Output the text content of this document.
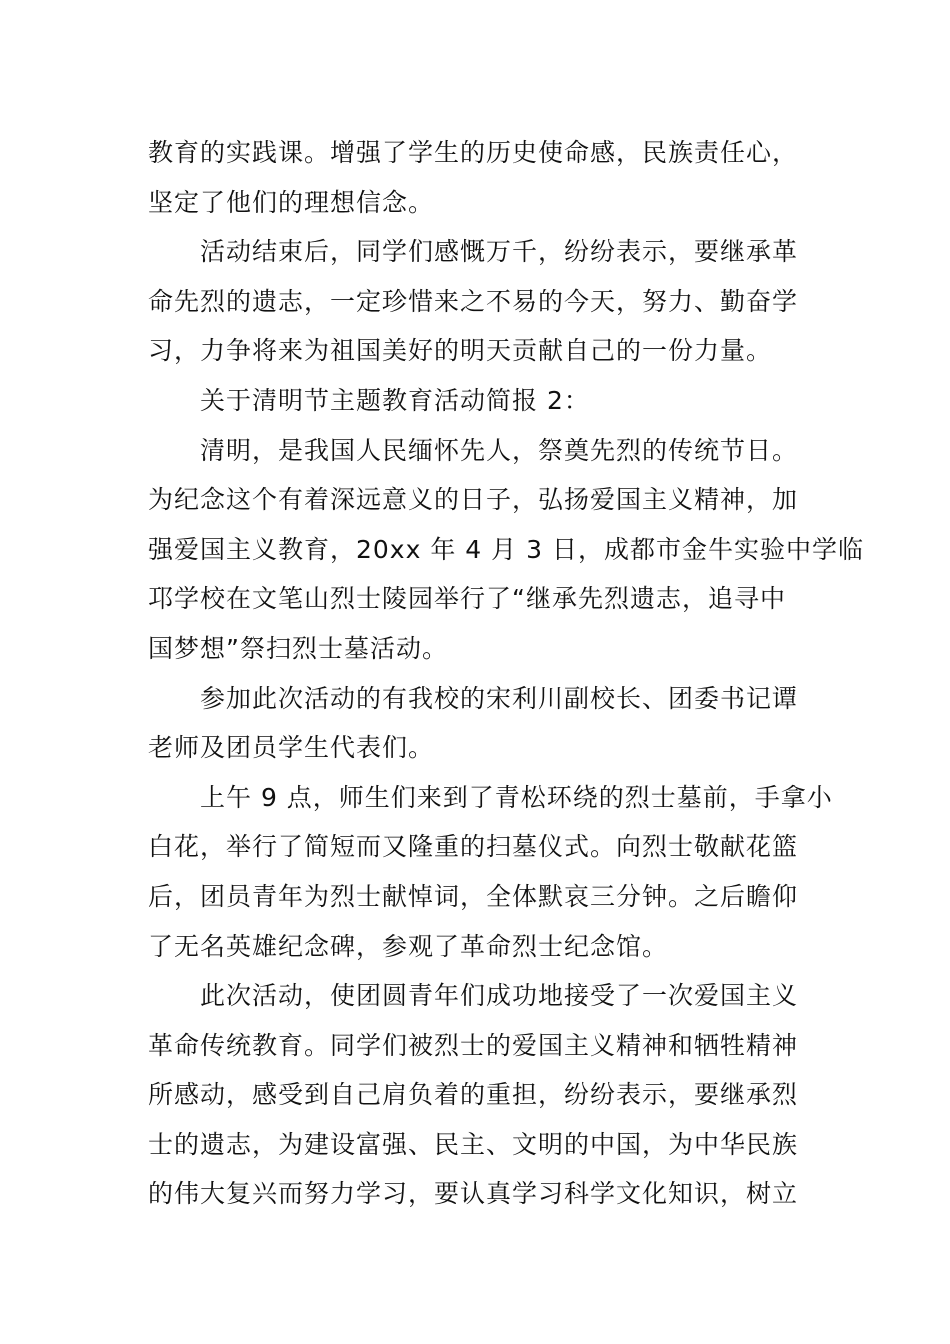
教育的实践课。增强了学生的历史使命感，民族责任心，
坚定了他们的理想信念。
活动结束后，同学们感慨万千，纷纷表示，要继承革
命先烈的遗志，一定珍惜来之不易的今天，努力、勤奋学
习，力争将来为祖国美好的明天贡献自己的一份力量。
关于清明节主题教育活动简报 2：
清明，是我国人民缅怀先人，祭奠先烈的传统节日。
为纪念这个有着深远意义的日子，弘扬爱国主义精神，加
强爱国主义教育，20xx 年 4 月 3 日，成都市金牛实验中学临
邛学校在文笔山烈士陵园举行了“继承先烈遗志，追寻中
国梦想”祭扫烈士墓活动。
参加此次活动的有我校的宋利川副校长、团委书记谭
老师及团员学生代表们。
上午 9 点，师生们来到了青松环绕的烈士墓前，手拿小
白花，举行了简短而又隆重的扫墓仪式。向烈士敬献花篮
后，团员青年为烈士献悼词，全体默哀三分钟。之后瞻仰
了无名英雄纪念碑，参观了革命烈士纪念馆。
此次活动，使团圆青年们成功地接受了一次爱国主义
革命传统教育。同学们被烈士的爱国主义精神和牺牲精神
所感动，感受到自己肩负着的重担，纷纷表示，要继承烈
士的遗志，为建设富强、民主、文明的中国，为中华民族
的伟大复兴而努力学习，要认真学习科学文化知识，树立
